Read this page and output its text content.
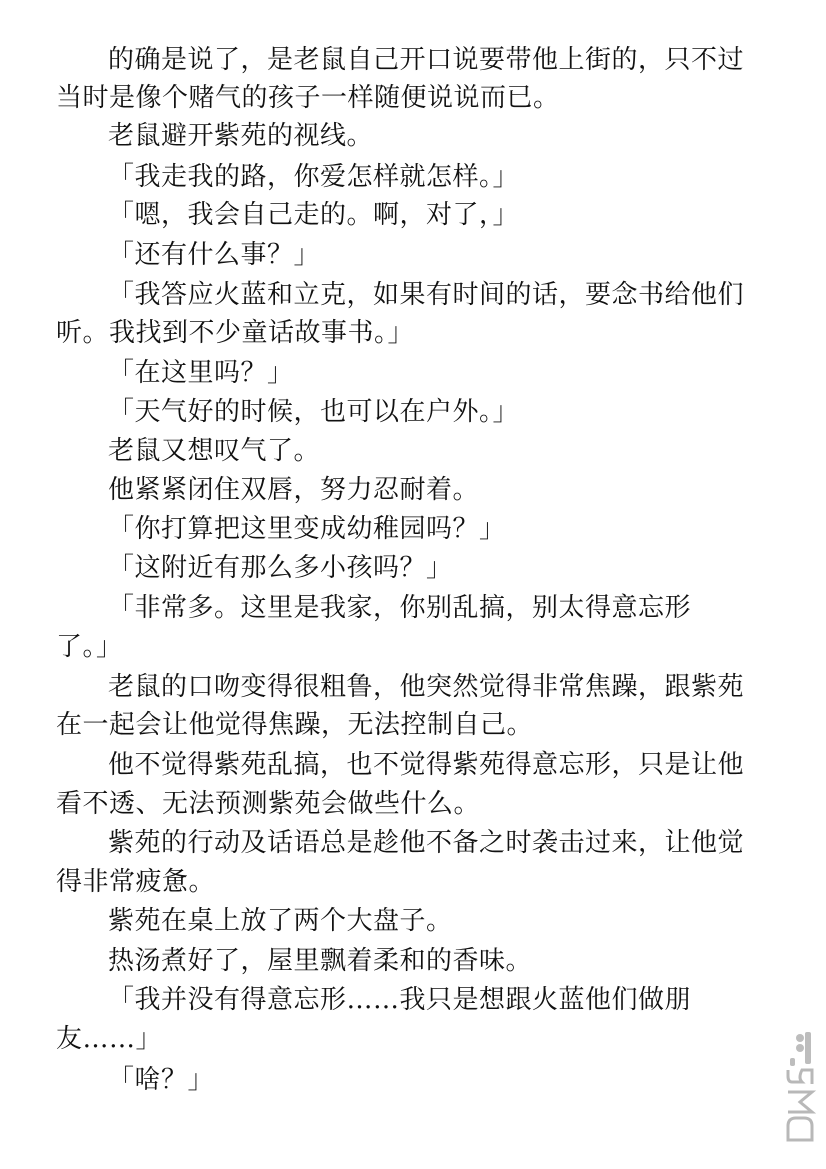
的确是说了，是老鼠自己开口说要带他上街的，只不过
当时是像个赌气的孩子一样随便说说而已。
老鼠避开紫苑的视线。
「我走我的路，你爱怎样就怎样。」
「嗯，我会自己走的。啊，对了，」
「还有什么事？」
「我答应火蓝和立克，如果有时间的话，要念书给他们
听。我找到不少童话故事书。」
「在这里吗？」
「天气好的时候，也可以在户外。」
老鼠又想叹气了。
他紧紧闭住双唇，努力忍耐着。
「你打算把这里变成幼稚园吗？」
「这附近有那么多小孩吗？」
「非常多。这里是我家，你别乱搞，别太得意忘形
了。」
老鼠的口吻变得很粗鲁，他突然觉得非常焦躁，跟紫苑
在一起会让他觉得焦躁，无法控制自己。
他不觉得紫苑乱搞，也不觉得紫苑得意忘形，只是让他
看不透、无法预测紫苑会做些什么。
紫苑的行动及话语总是趁他不备之时袭击过来，让他觉
得非常疲惫。
紫苑在桌上放了两个大盘子。
热汤煮好了，屋里飘着柔和的香味。
「我并没有得意忘形……我只是想跟火蓝他们做朋
友……」
「啥？」
